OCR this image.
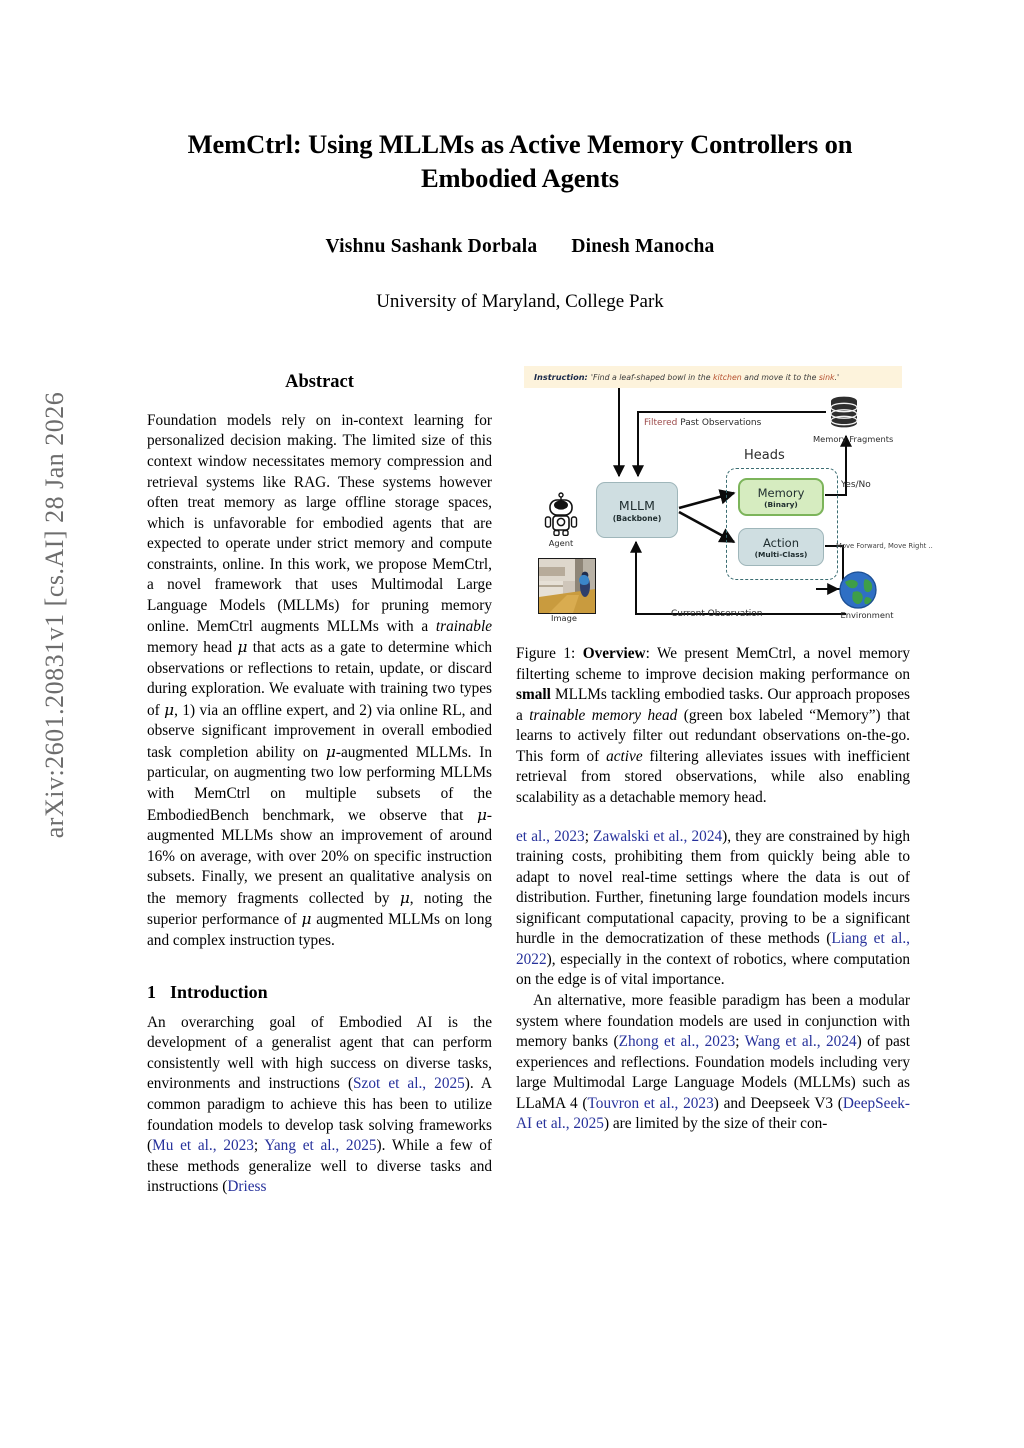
arXiv:2601.20831v1 [cs.AI] 28 Jan 2026
MemCtrl: Using MLLMs as Active Memory Controllers on Embodied Agents
Vishnu Sashank Dorbala Dinesh Manocha
University of Maryland, College Park
Abstract

Foundation models rely on in-context learning for personalized decision making. The limited size of this context window necessitates memory compression and retrieval systems like RAG. These systems however often treat memory as large offline storage spaces, which is unfavorable for embodied agents that are expected to operate under strict memory and compute constraints, online. In this work, we propose MemCtrl, a novel framework that uses Multimodal Large Language Models (MLLMs) for pruning memory online. MemCtrl augments MLLMs with a trainable memory head μ that acts as a gate to determine which observations or reflections to retain, update, or discard during exploration. We evaluate with training two types of μ, 1) via an offline expert, and 2) via online RL, and observe significant improvement in overall embodied task completion ability on μ-augmented MLLMs. In particular, on augmenting two low performing MLLMs with MemCtrl on multiple subsets of the EmbodiedBench benchmark, we observe that μ-augmented MLLMs show an improvement of around 16% on average, with over 20% on specific instruction subsets. Finally, we present an qualitative analysis on the memory fragments collected by μ, noting the superior performance of μ augmented MLLMs on long and complex instruction types.

1 Introduction

An overarching goal of Embodied AI is the development of a generalist agent that can perform consistently well with high success on diverse tasks, environments and instructions (Szot et al., 2025). A common paradigm to achieve this has been to utilize foundation models to develop task solving frameworks (Mu et al., 2023; Yang et al., 2025). While a few of these methods generalize well to diverse tasks and instructions (Driess

Instruction: 'Find a leaf-shaped bowl in the kitchen and move it to the sink.'
Heads
MLLM
(Backbone)
Memory
(Binary)
Action
(Multi-Class)
Filtered Past Observations
Memory Fragments
Yes/No
Move Forward, Move Right ..
Environment
Agent
Image	Current Observation
Figure 1: Overview: We present MemCtrl, a novel memory filterting scheme to improve decision making performance on small MLLMs tackling embodied tasks. Our approach proposes a trainable memory head (green box labeled “Memory”) that learns to actively filter out redundant observations on-the-go. This form of active filtering alleviates issues with inefficient retrieval from stored observations, while also enabling scalability as a detachable memory head.

et al., 2023; Zawalski et al., 2024), they are constrained by high training costs, prohibiting them from quickly being able to adapt to novel real-time settings where the data is out of distribution. Further, finetuning large foundation models incurs significant computational capacity, proving to be a significant hurdle in the democratization of these methods (Liang et al., 2022), especially in the context of robotics, where computation on the edge is of vital importance.

An alternative, more feasible paradigm has been a modular system where foundation models are used in conjunction with memory banks (Zhong et al., 2023; Wang et al., 2024) of past experiences and reflections. Foundation models including very large Multimodal Large Language Models (MLLMs) such as LLaMA 4 (Touvron et al., 2023) and Deepseek V3 (DeepSeek-AI et al., 2025) are limited by the size of their con-
